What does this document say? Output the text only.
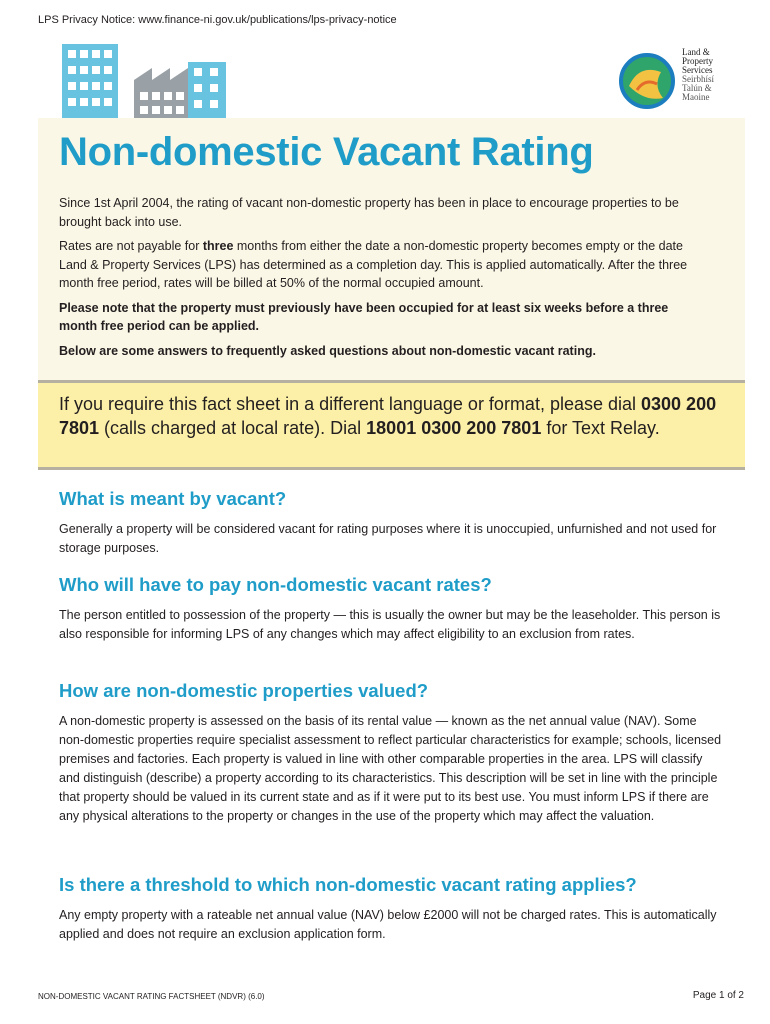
LPS Privacy Notice: www.finance-ni.gov.uk/publications/lps-privacy-notice
Land &
Property
Services
Seirbhísí
Talún &
Maoine
Non-domestic Vacant Rating

Since 1st April 2004, the rating of vacant non-domestic property has been in place to encourage properties to be brought back into use.

Rates are not payable for three months from either the date a non-domestic property becomes empty or the date Land & Property Services (LPS) has determined as a completion day. This is applied automatically. After the three month free period, rates will be billed at 50% of the normal occupied amount.

Please note that the property must previously have been occupied for at least six weeks before a three month free period can be applied.

Below are some answers to frequently asked questions about non-domestic vacant rating.

If you require this fact sheet in a different language or format, please dial 0300 200 7801 (calls charged at local rate). Dial 18001 0300 200 7801 for Text Relay.
What is meant by vacant?

Generally a property will be considered vacant for rating purposes where it is unoccupied, unfurnished and not used for storage purposes.

Who will have to pay non-domestic vacant rates?

The person entitled to possession of the property — this is usually the owner but may be the leaseholder. This person is also responsible for informing LPS of any changes which may affect eligibility to an exclusion from rates.

How are non-domestic properties valued?

A non-domestic property is assessed on the basis of its rental value — known as the net annual value (NAV). Some non-domestic properties require specialist assessment to reflect particular characteristics for example; schools, licensed premises and factories. Each property is valued in line with other comparable properties in the area. LPS will classify and distinguish (describe) a property according to its characteristics. This description will be set in line with the principle that property should be valued in its current state and as if it were put to its best use. You must inform LPS if there are any physical alterations to the property or changes in the use of the property which may affect the valuation.

Is there a threshold to which non-domestic vacant rating applies?

Any empty property with a rateable net annual value (NAV) below £2000 will not be charged rates. This is automatically applied and does not require an exclusion application form.

NON-DOMESTIC VACANT RATING FACTSHEET (NDVR) (6.0)	Page 1 of 2
